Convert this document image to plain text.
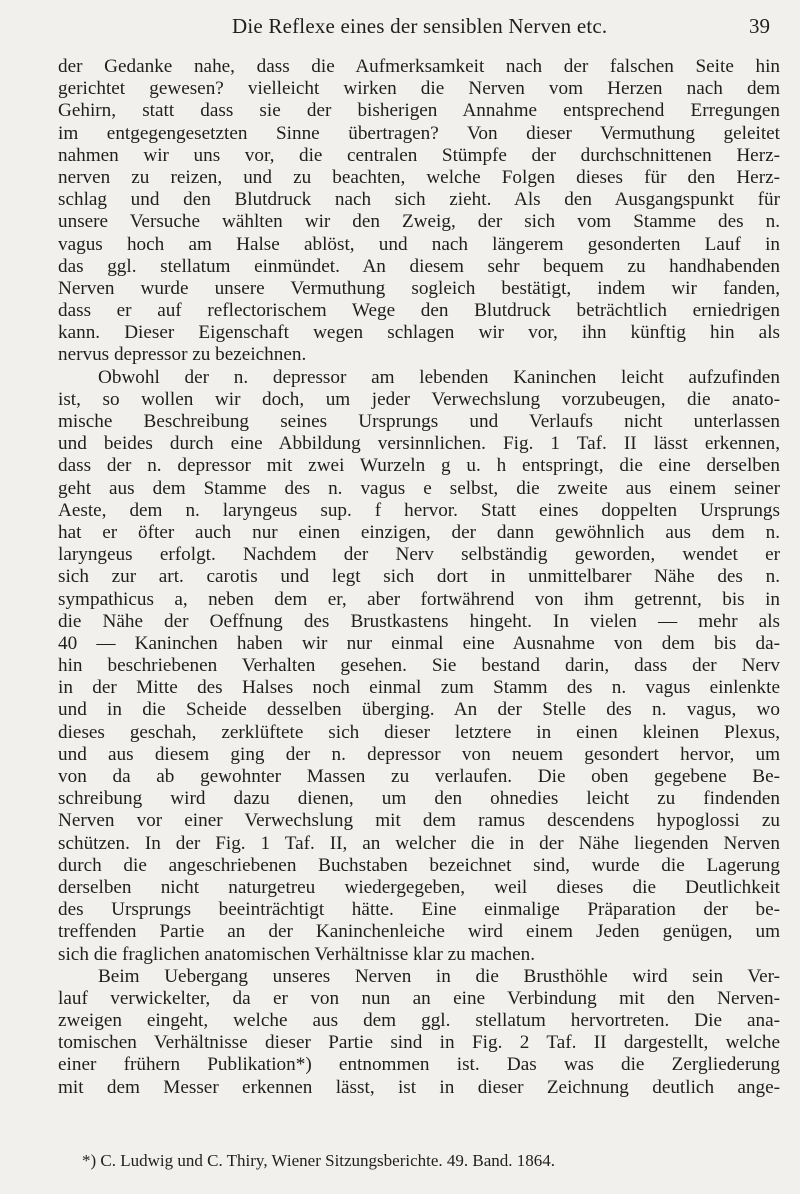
Die Reflexe eines der sensiblen Nerven etc.	39
der Gedanke nahe, dass die Aufmerksamkeit nach der falschen Seite hin
gerichtet gewesen? vielleicht wirken die Nerven vom Herzen nach dem
Gehirn, statt dass sie der bisherigen Annahme entsprechend Erregungen
im entgegengesetzten Sinne übertragen? Von dieser Vermuthung geleitet
nahmen wir uns vor, die centralen Stümpfe der durchschnittenen Herz-
nerven zu reizen, und zu beachten, welche Folgen dieses für den Herz-
schlag und den Blutdruck nach sich zieht. Als den Ausgangspunkt für
unsere Versuche wählten wir den Zweig, der sich vom Stamme des n.
vagus hoch am Halse ablöst, und nach längerem gesonderten Lauf in
das ggl. stellatum einmündet. An diesem sehr bequem zu handhabenden
Nerven wurde unsere Vermuthung sogleich bestätigt, indem wir fanden,
dass er auf reflectorischem Wege den Blutdruck beträchtlich erniedrigen
kann. Dieser Eigenschaft wegen schlagen wir vor, ihn künftig hin als
nervus depressor zu bezeichnen.
Obwohl der n. depressor am lebenden Kaninchen leicht aufzufinden
ist, so wollen wir doch, um jeder Verwechslung vorzubeugen, die anato-
mische Beschreibung seines Ursprungs und Verlaufs nicht unterlassen
und beides durch eine Abbildung versinnlichen. Fig. 1 Taf. II lässt erkennen,
dass der n. depressor mit zwei Wurzeln g u. h entspringt, die eine derselben
geht aus dem Stamme des n. vagus e selbst, die zweite aus einem seiner
Aeste, dem n. laryngeus sup. f hervor. Statt eines doppelten Ursprungs
hat er öfter auch nur einen einzigen, der dann gewöhnlich aus dem n.
laryngeus erfolgt. Nachdem der Nerv selbständig geworden, wendet er
sich zur art. carotis und legt sich dort in unmittelbarer Nähe des n.
sympathicus a, neben dem er, aber fortwährend von ihm getrennt, bis in
die Nähe der Oeffnung des Brustkastens hingeht. In vielen — mehr als
40 — Kaninchen haben wir nur einmal eine Ausnahme von dem bis da-
hin beschriebenen Verhalten gesehen. Sie bestand darin, dass der Nerv
in der Mitte des Halses noch einmal zum Stamm des n. vagus einlenkte
und in die Scheide desselben überging. An der Stelle des n. vagus, wo
dieses geschah, zerklüftete sich dieser letztere in einen kleinen Plexus,
und aus diesem ging der n. depressor von neuem gesondert hervor, um
von da ab gewohnter Massen zu verlaufen. Die oben gegebene Be-
schreibung wird dazu dienen, um den ohnedies leicht zu findenden
Nerven vor einer Verwechslung mit dem ramus descendens hypoglossi zu
schützen. In der Fig. 1 Taf. II, an welcher die in der Nähe liegenden Nerven
durch die angeschriebenen Buchstaben bezeichnet sind, wurde die Lagerung
derselben nicht naturgetreu wiedergegeben, weil dieses die Deutlichkeit
des Ursprungs beeinträchtigt hätte. Eine einmalige Präparation der be-
treffenden Partie an der Kaninchenleiche wird einem Jeden genügen, um
sich die fraglichen anatomischen Verhältnisse klar zu machen.
Beim Uebergang unseres Nerven in die Brusthöhle wird sein Ver-
lauf verwickelter, da er von nun an eine Verbindung mit den Nerven-
zweigen eingeht, welche aus dem ggl. stellatum hervortreten. Die ana-
tomischen Verhältnisse dieser Partie sind in Fig. 2 Taf. II dargestellt, welche
einer frühern Publikation*) entnommen ist. Das was die Zergliederung
mit dem Messer erkennen lässt, ist in dieser Zeichnung deutlich ange-
*) C. Ludwig und C. Thiry, Wiener Sitzungsberichte. 49. Band. 1864.
